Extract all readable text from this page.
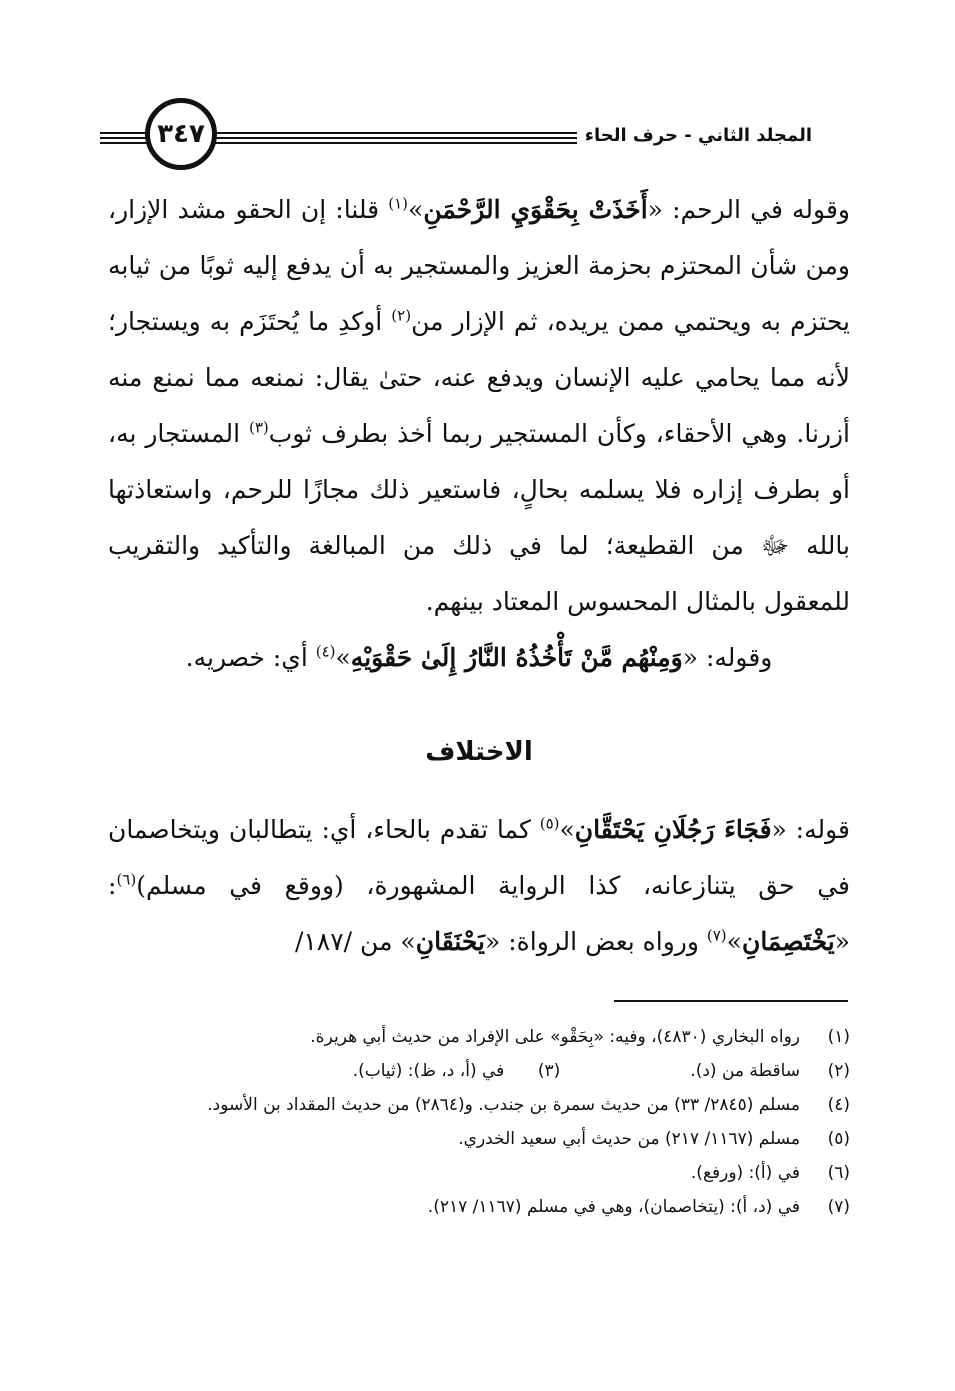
المجلد الثاني - حرف الحاء
٣٤٧

وقوله في الرحم: «أَخَذَتْ بِحَقْوَيِ الرَّحْمَنِ»$^{(١)}$ قلنا: إن الحقو مشد الإزار، ومن شأن المحتزم بحزمة العزيز والمستجير به أن يدفع إليه ثوبًا من ثيابه يحتزم به ويحتمي ممن يريده، ثم الإزار من$^{(٢)}$ أوكدِ ما يُحتَزَم به ويستجار؛ لأنه مما يحامي عليه الإنسان ويدفع عنه، حتىٰ يقال: نمنعه مما نمنع منه أزرنا. وهي الأحقاء، وكأن المستجير ربما أخذ بطرف ثوب$^{(٣)}$ المستجار به، أو بطرف إزاره فلا يسلمه بحالٍ، فاستعير ذلك مجازًا للرحم، واستعاذتها بالله ﷻ من القطيعة؛ لما في ذلك من المبالغة والتأكيد والتقريب للمعقول بالمثال المحسوس المعتاد بينهم.

وقوله: «وَمِنْهُم مَّنْ تَأْخُذُهُ النَّارُ إِلَىٰ حَقْوَيْهِ»$^{(٤)}$ أي: خصريه.

الاختلاف

قوله: «فَجَاءَ رَجُلَانِ يَحْتَقَّانِ»$^{(٥)}$ كما تقدم بالحاء، أي: يتطالبان ويتخاصمان في حق يتنازعانه، كذا الرواية المشهورة، (ووقع في مسلم)$^{(٦)}$: «يَخْتَصِمَانِ»$^{(٧)}$ ورواه بعض الرواة: «يَحْنَقَانِ» من /١٨٧/

(١)
رواه البخاري (٤٨٣٠)، وفيه: «بِحَقْو» على الإفراد من حديث أبي هريرة.
(٢)
ساقطة من (د).
(٣)
في (أ، د، ظ): (ثياب).
(٤)
مسلم (٢٨٤٥/ ٣٣) من حديث سمرة بن جندب. و(٢٨٦٤) من حديث المقداد بن الأسود.
(٥)
مسلم (١١٦٧/ ٢١٧) من حديث أبي سعيد الخدري.
(٦)
في (أ): (ورفع).
(٧)
في (د، أ): (يتخاصمان)، وهي في مسلم (١١٦٧/ ٢١٧).
